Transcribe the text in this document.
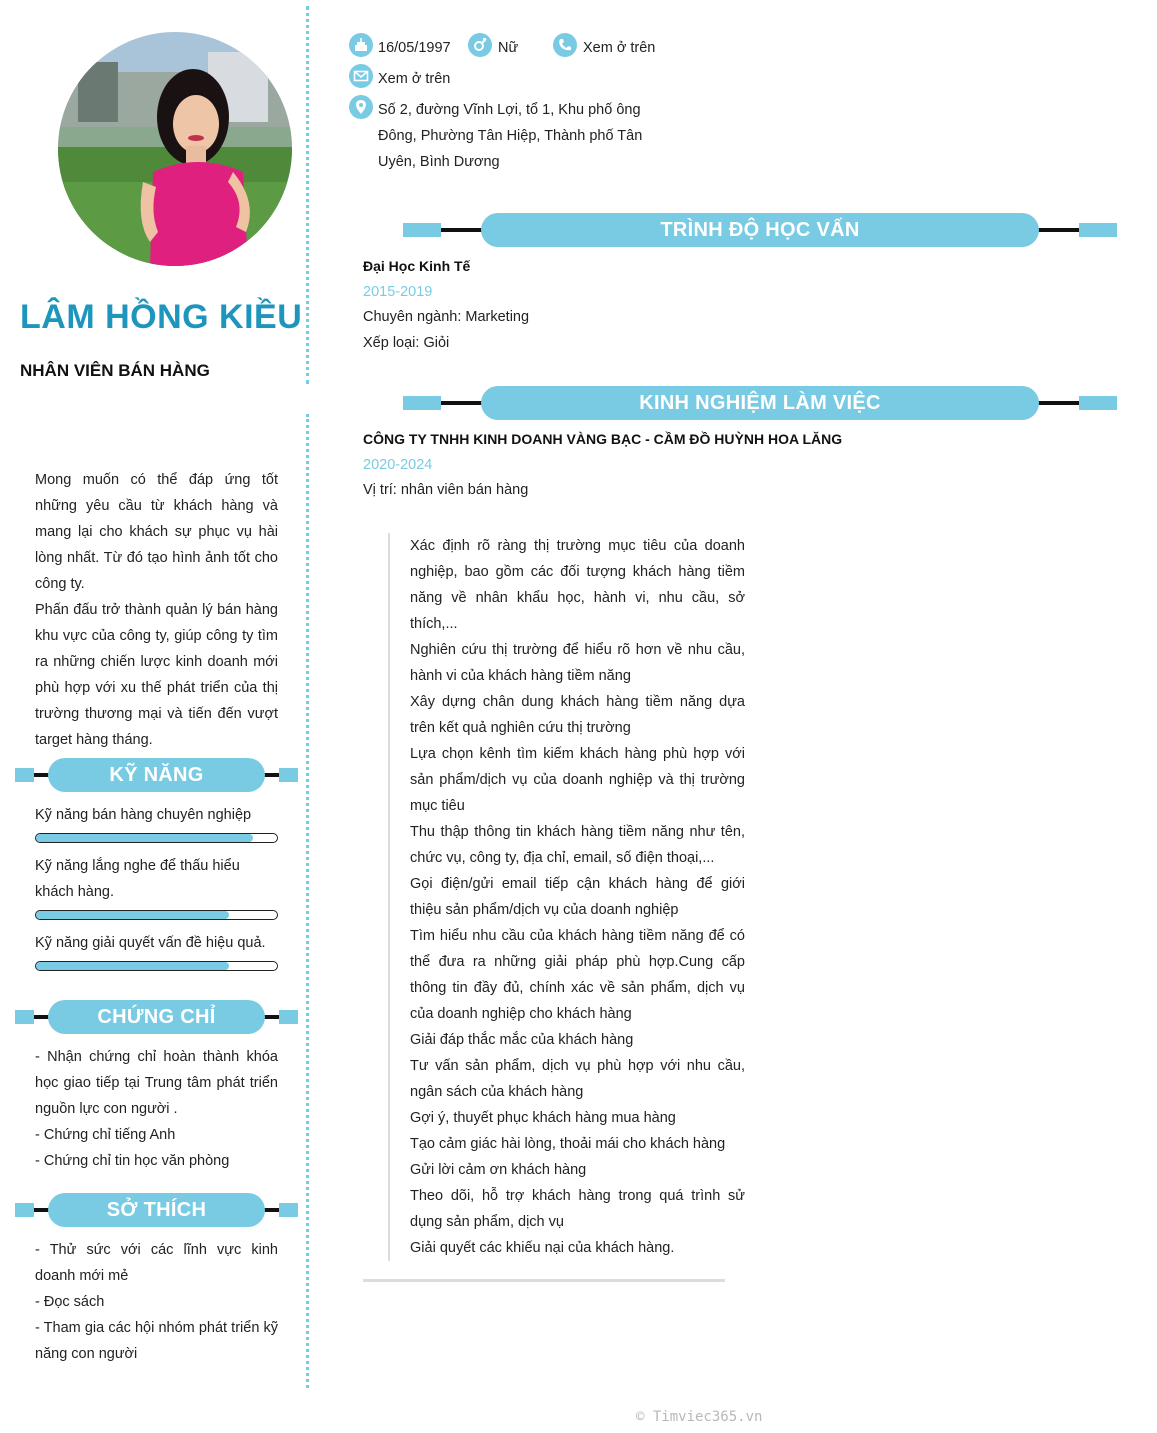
LÂM HỒNG KIỀU
NHÂN VIÊN BÁN HÀNG

Mong muốn có thể đáp ứng tốt những yêu cầu từ khách hàng và mang lại cho khách sự phục vụ hài lòng nhất. Từ đó tạo hình ảnh tốt cho công ty.

Phấn đấu trở thành quản lý bán hàng khu vực của công ty, giúp công ty tìm ra những chiến lược kinh doanh mới phù hợp với xu thế phát triển của thị trường thương mại và tiến đến vượt target hàng tháng.

KỸ NĂNG
Kỹ năng bán hàng chuyên nghiệp
Kỹ năng lắng nghe để thấu hiểu khách hàng.
Kỹ năng giải quyết vấn đề hiệu quả.
CHỨNG CHỈ
- Nhận chứng chỉ hoàn thành khóa học giao tiếp tại Trung tâm phát triển nguồn lực con người .
- Chứng chỉ tiếng Anh
- Chứng chỉ tin học văn phòng
SỞ THÍCH
- Thử sức với các lĩnh vực kinh doanh mới mẻ
- Đọc sách
- Tham gia các hội nhóm phát triển kỹ năng con người
16/05/1997	Nữ	Xem ở trên
Xem ở trên
Số 2, đường Vĩnh Lợi, tổ 1, Khu phố ông Đông, Phường Tân Hiệp, Thành phố Tân Uyên, Bình Dương
TRÌNH ĐỘ HỌC VẤN
Đại Học Kinh Tế
2015-2019
Chuyên ngành: Marketing
Xếp loại: Giỏi
KINH NGHIỆM LÀM VIỆC
CÔNG TY TNHH KINH DOANH VÀNG BẠC - CẦM ĐỒ HUỲNH HOA LĂNG
2020-2024
Vị trí: nhân viên bán hàng
Xác định rõ ràng thị trường mục tiêu của doanh nghiệp, bao gồm các đối tượng khách hàng tiềm năng về nhân khẩu học, hành vi, nhu cầu, sở thích,...
Nghiên cứu thị trường để hiểu rõ hơn về nhu cầu, hành vi của khách hàng tiềm năng
Xây dựng chân dung khách hàng tiềm năng dựa trên kết quả nghiên cứu thị trường
Lựa chọn kênh tìm kiếm khách hàng phù hợp với sản phẩm/dịch vụ của doanh nghiệp và thị trường mục tiêu
Thu thập thông tin khách hàng tiềm năng như tên, chức vụ, công ty, địa chỉ, email, số điện thoại,...
Gọi điện/gửi email tiếp cận khách hàng để giới thiệu sản phẩm/dịch vụ của doanh nghiệp
Tìm hiểu nhu cầu của khách hàng tiềm năng để có thể đưa ra những giải pháp phù hợp.Cung cấp thông tin đầy đủ, chính xác về sản phẩm, dịch vụ của doanh nghiệp cho khách hàng
Giải đáp thắc mắc của khách hàng
Tư vấn sản phẩm, dịch vụ phù hợp với nhu cầu, ngân sách của khách hàng
Gợi ý, thuyết phục khách hàng mua hàng
Tạo cảm giác hài lòng, thoải mái cho khách hàng
Gửi lời cảm ơn khách hàng
Theo dõi, hỗ trợ khách hàng trong quá trình sử dụng sản phẩm, dịch vụ
Giải quyết các khiếu nại của khách hàng.
© Timviec365.vn
